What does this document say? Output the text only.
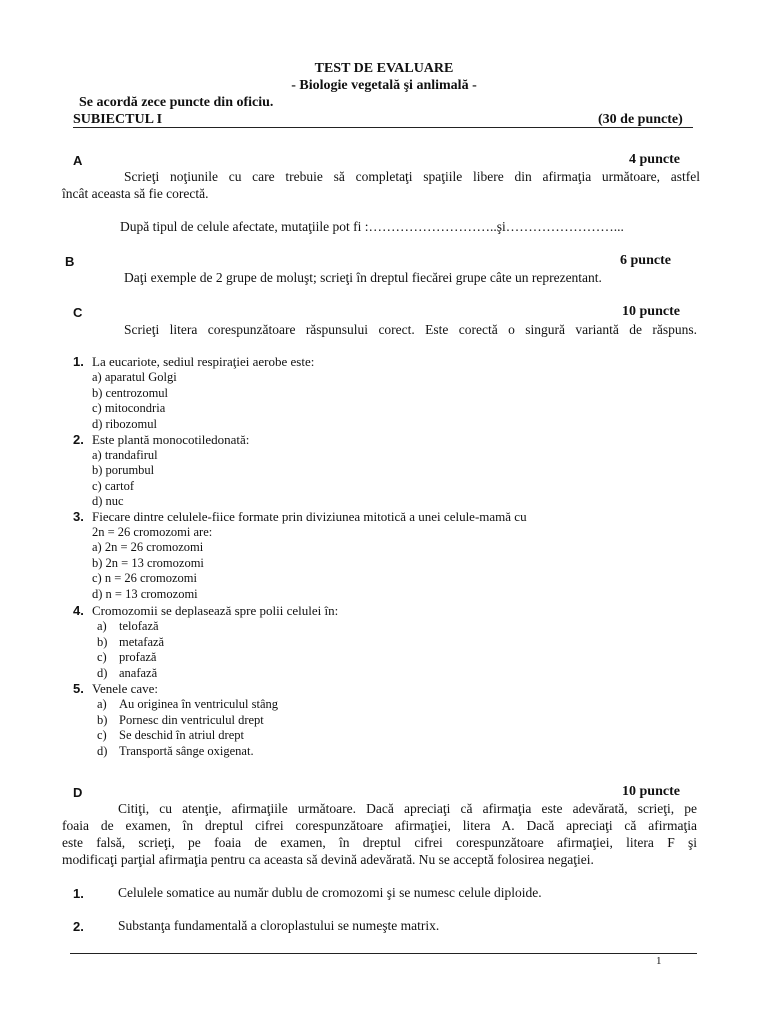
TEST DE EVALUARE
- Biologie vegetală şi anlimală -
Se acordă zece puncte din oficiu.
SUBIECTUL I	(30 de puncte)
A	4 puncte
Scrieţi noţiunile cu care trebuie să completaţi spaţiile libere din afirmaţia următoare, astfel
încât aceasta să fie corectă.
După tipul de celule afectate, mutaţiile pot fi :………………………..şi……………………...
B	6 puncte
Daţi exemple de 2 grupe de moluşt; scrieţi în dreptul fiecărei grupe câte un reprezentant.
C	10 puncte
Scrieţi litera corespunzătoare răspunsului corect. Este corectă o singură variantă de răspuns.
1. La eucariote, sediul respiraţiei aerobe este:
a) aparatul Golgi
b) centrozomul
c) mitocondria
d) ribozomul
2. Este plantă monocotiledonată:
a) trandafirul
b) porumbul
c) cartof
d) nuc
3. Fiecare dintre celulele-fiice formate prin diviziunea mitotică a unei celule-mamă cu
2n = 26 cromozomi are:
a) 2n = 26 cromozomi
b) 2n = 13 cromozomi
c) n = 26 cromozomi
d) n = 13 cromozomi
4. Cromozomii se deplasează spre polii celulei în:
a) telofază
b) metafază
c) profază
d) anafază
5. Venele cave:
a) Au originea în ventriculul stâng
b) Pornesc din ventriculul drept
c) Se deschid în atriul drept
d) Transportă sânge oxigenat.
D	10 puncte
Citiţi, cu atenţie, afirmaţiile următoare. Dacă apreciaţi că afirmaţia este adevărată, scrieţi, pe
foaia de examen, în dreptul cifrei corespunzătoare afirmaţiei, litera A. Dacă apreciaţi că afirmaţia
este falsă, scrieţi, pe foaia de examen, în dreptul cifrei corespunzătoare afirmaţiei, litera F şi
modificaţi parţial afirmaţia pentru ca aceasta să devină adevărată. Nu se acceptă folosirea negaţiei.
1.	Celulele somatice au număr dublu de cromozomi şi se numesc celule diploide.
2.	Substanţa fundamentală a cloroplastului se numeşte matrix.
1
